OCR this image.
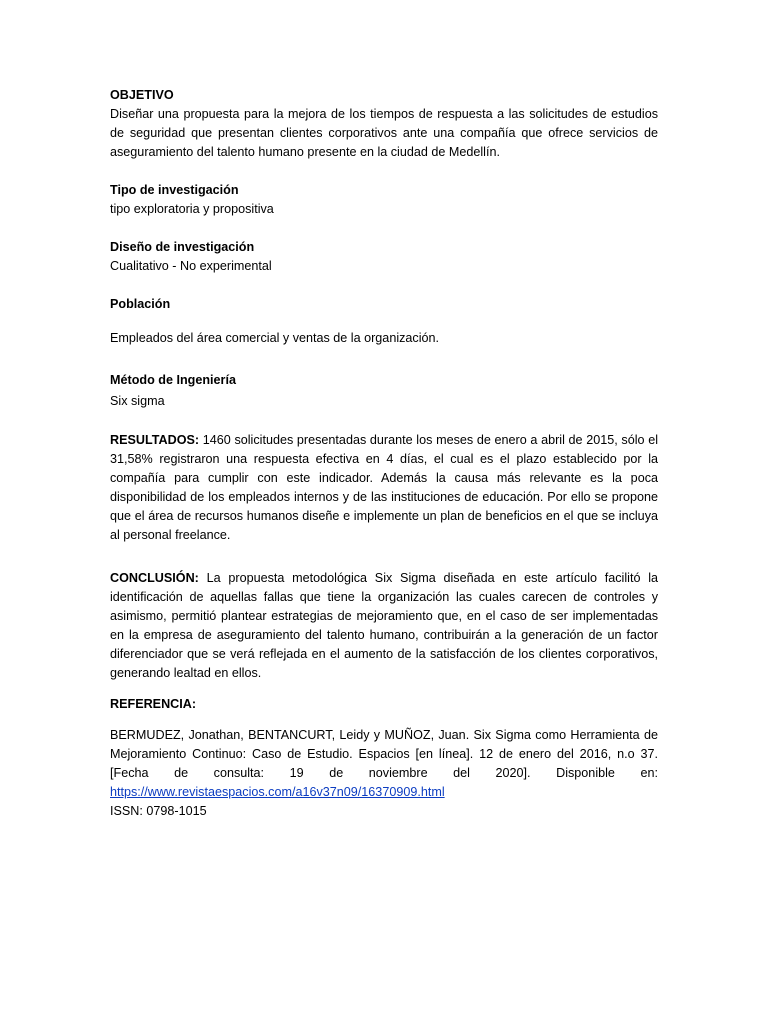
OBJETIVO

Diseñar una propuesta para la mejora de los tiempos de respuesta a las solicitudes de estudios de seguridad que presentan clientes corporativos ante una compañía que ofrece servicios de aseguramiento del talento humano presente en la ciudad de Medellín.

Tipo de investigación

tipo exploratoria y propositiva

Diseño de investigación

Cualitativo - No experimental

Población

Empleados del área comercial y ventas de la organización.

Método de Ingeniería

Six sigma

RESULTADOS: 1460 solicitudes presentadas durante los meses de enero a abril de 2015, sólo el 31,58% registraron una respuesta efectiva en 4 días, el cual es el plazo establecido por la compañía para cumplir con este indicador. Además la causa más relevante es la poca disponibilidad de los empleados internos y de las instituciones de educación. Por ello se propone que el área de recursos humanos diseñe e implemente un plan de beneficios en el que se incluya al personal freelance.

CONCLUSIÓN: La propuesta metodológica Six Sigma diseñada en este artículo facilitó la identificación de aquellas fallas que tiene la organización las cuales carecen de controles y asimismo, permitió plantear estrategias de mejoramiento que, en el caso de ser implementadas en la empresa de aseguramiento del talento humano, contribuirán a la generación de un factor diferenciador que se verá reflejada en el aumento de la satisfacción de los clientes corporativos, generando lealtad en ellos.

REFERENCIA:

BERMUDEZ, Jonathan, BENTANCURT, Leidy y MUÑOZ, Juan. Six Sigma como Herramienta de Mejoramiento Continuo: Caso de Estudio. Espacios [en línea]. 12 de enero del 2016, n.o 37. [Fecha de consulta: 19 de noviembre del 2020]. Disponible en:

https://www.revistaespacios.com/a16v37n09/16370909.html

ISSN: 0798-1015
